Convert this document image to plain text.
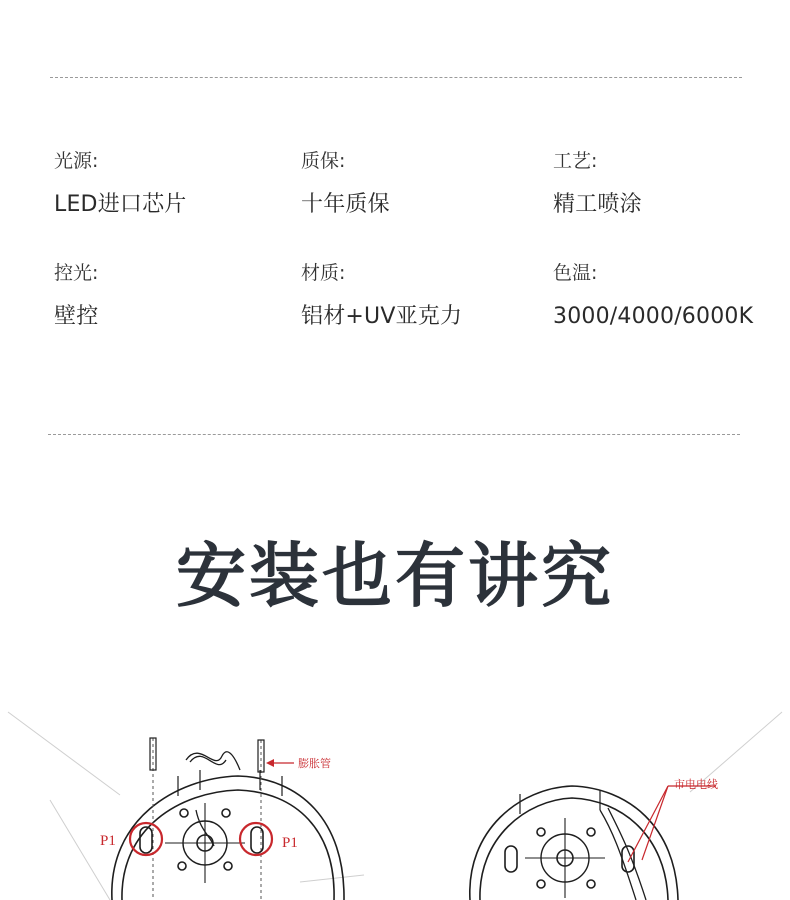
光源:
LED进口芯片
质保:
十年质保
工艺:
精工喷涂
控光:
壁控
材质:
铝材+UV亚克力
色温:
3000/4000/6000K
安装也有讲究
P1	P1
膨胀管
市电电线
